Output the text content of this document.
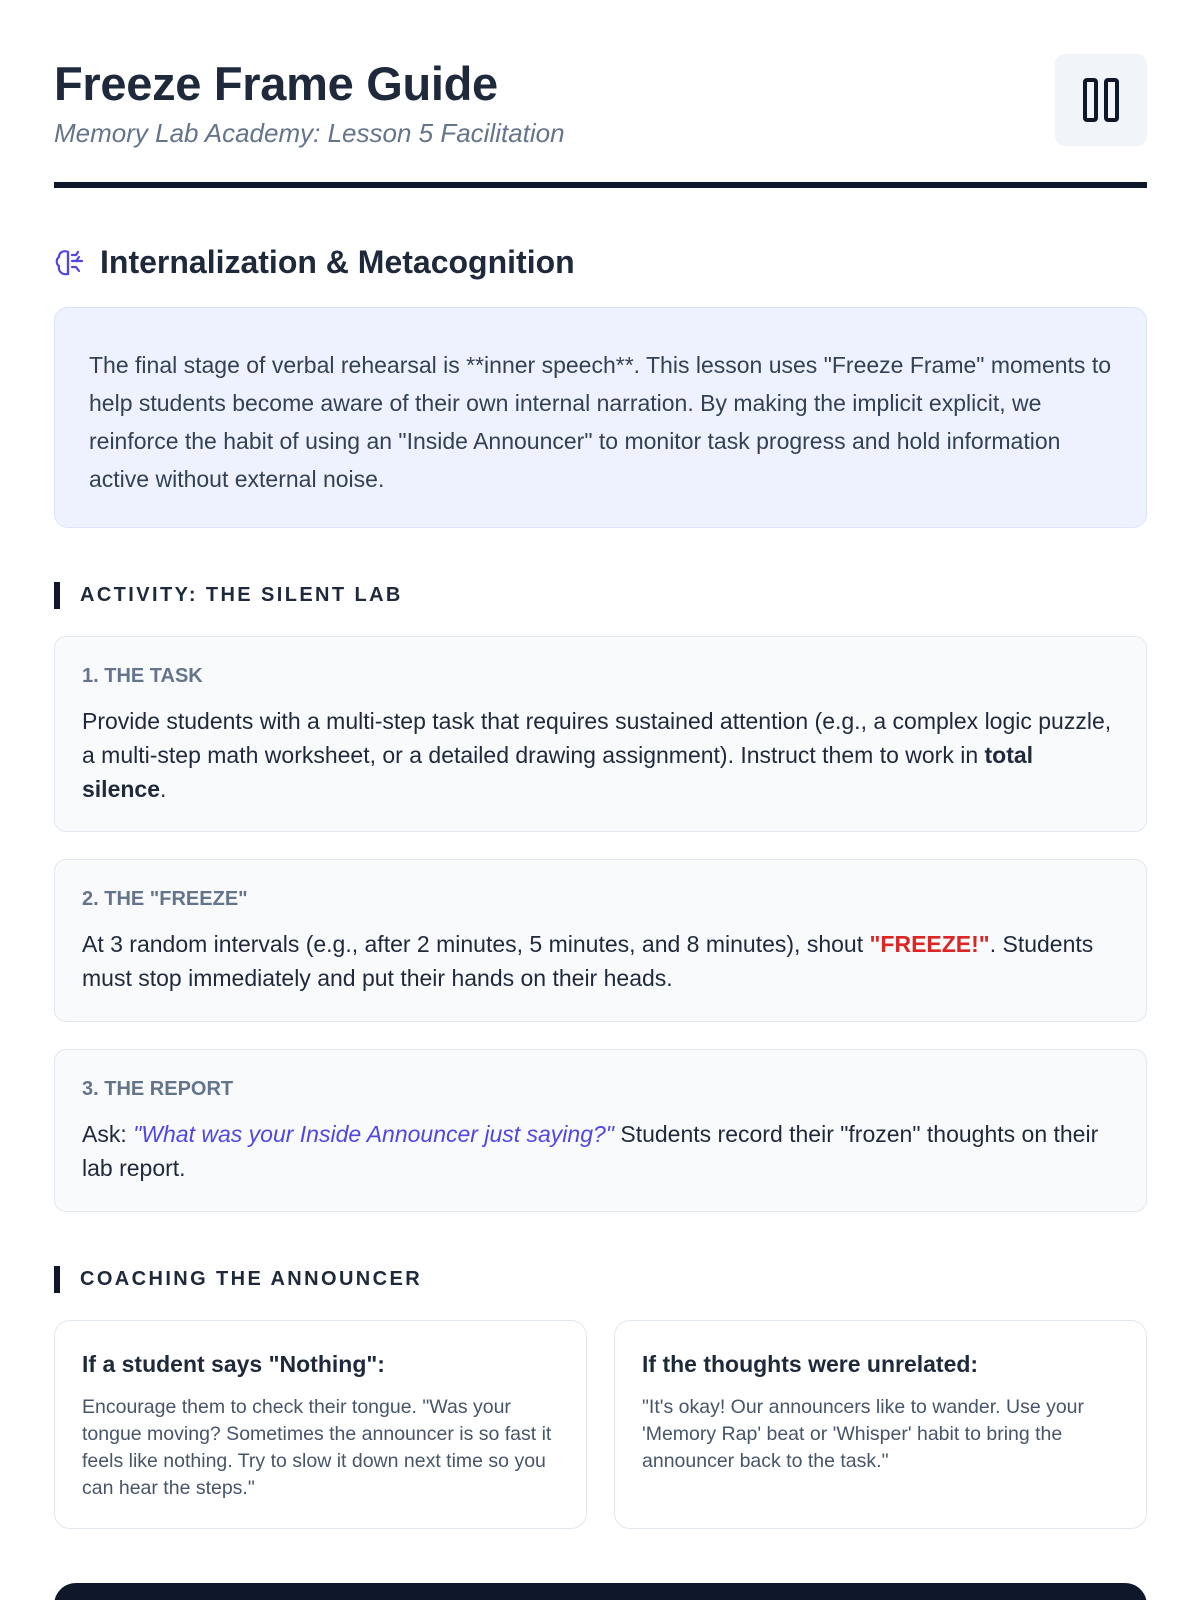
Freeze Frame Guide
Memory Lab Academy: Lesson 5 Facilitation
Internalization & Metacognition

The final stage of verbal rehearsal is **inner speech**. This lesson uses "Freeze Frame" moments to help students become aware of their own internal narration. By making the implicit explicit, we reinforce the habit of using an "Inside Announcer" to monitor task progress and hold information active without external noise.

ACTIVITY: THE SILENT LAB
1. THE TASK
Provide students with a multi-step task that requires sustained attention (e.g., a complex logic puzzle, a multi-step math worksheet, or a detailed drawing assignment). Instruct them to work in total silence.
2. THE "FREEZE"
At 3 random intervals (e.g., after 2 minutes, 5 minutes, and 8 minutes), shout "FREEZE!". Students must stop immediately and put their hands on their heads.
3. THE REPORT
Ask: "What was your Inside Announcer just saying?" Students record their "frozen" thoughts on their lab report.
COACHING THE ANNOUNCER
If a student says "Nothing":

Encourage them to check their tongue. "Was your tongue moving? Sometimes the announcer is so fast it feels like nothing. Try to slow it down next time so you can hear the steps."

If the thoughts were unrelated:

"It's okay! Our announcers like to wander. Use your 'Memory Rap' beat or 'Whisper' habit to bring the announcer back to the task."
